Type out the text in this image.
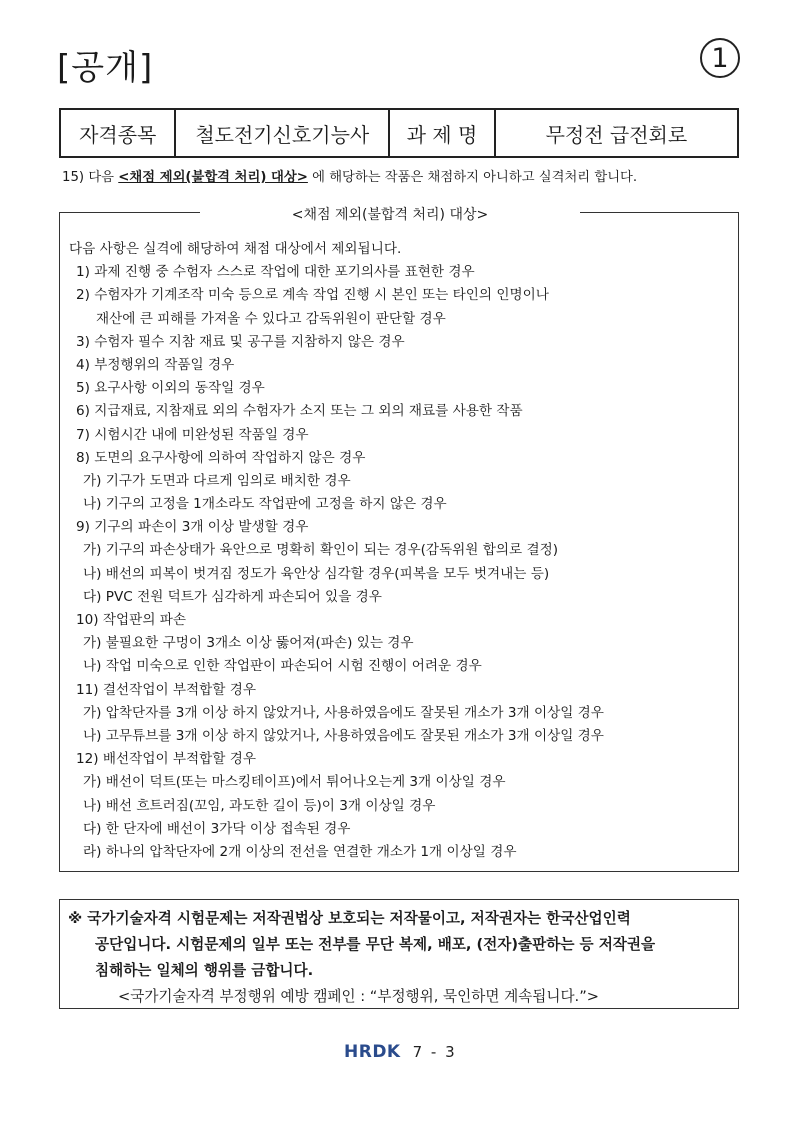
[공개]	1
자격종목	철도전기신호기능사	과 제 명	무정전 급전회로
15) 다음 <채점 제외(불합격 처리) 대상> 에 해당하는 작품은 채점하지 아니하고 실격처리 합니다.
<채점 제외(불합격 처리) 대상>
다음 사항은 실격에 해당하여 채점 대상에서 제외됩니다.
1) 과제 진행 중 수험자 스스로 작업에 대한 포기의사를 표현한 경우
2) 수험자가 기계조작 미숙 등으로 계속 작업 진행 시 본인 또는 타인의 인명이나
재산에 큰 피해를 가져올 수 있다고 감독위원이 판단할 경우
3) 수험자 필수 지참 재료 및 공구를 지참하지 않은 경우
4) 부정행위의 작품일 경우
5) 요구사항 이외의 동작일 경우
6) 지급재료, 지참재료 외의 수험자가 소지 또는 그 외의 재료를 사용한 작품
7) 시험시간 내에 미완성된 작품일 경우
8) 도면의 요구사항에 의하여 작업하지 않은 경우
가) 기구가 도면과 다르게 임의로 배치한 경우
나) 기구의 고정을 1개소라도 작업판에 고정을 하지 않은 경우
9) 기구의 파손이 3개 이상 발생할 경우
가) 기구의 파손상태가 육안으로 명확히 확인이 되는 경우(감독위원 합의로 결정)
나) 배선의 피복이 벗겨짐 정도가 육안상 심각할 경우(피복을 모두 벗겨내는 등)
다) PVC 전원 덕트가 심각하게 파손되어 있을 경우
10) 작업판의 파손
가) 불필요한 구멍이 3개소 이상 뚫어져(파손) 있는 경우
나) 작업 미숙으로 인한 작업판이 파손되어 시험 진행이 어려운 경우
11) 결선작업이 부적합할 경우
가) 압착단자를 3개 이상 하지 않았거나, 사용하였음에도 잘못된 개소가 3개 이상일 경우
나) 고무튜브를 3개 이상 하지 않았거나, 사용하였음에도 잘못된 개소가 3개 이상일 경우
12) 배선작업이 부적합할 경우
가) 배선이 덕트(또는 마스킹테이프)에서 튀어나오는게 3개 이상일 경우
나) 배선 흐트러짐(꼬임, 과도한 길이 등)이 3개 이상일 경우
다) 한 단자에 배선이 3가닥 이상 접속된 경우
라) 하나의 압착단자에 2개 이상의 전선을 연결한 개소가 1개 이상일 경우
※ 국가기술자격 시험문제는 저작권법상 보호되는 저작물이고, 저작권자는 한국산업인력
공단입니다. 시험문제의 일부 또는 전부를 무단 복제, 배포, (전자)출판하는 등 저작권을
침해하는 일체의 행위를 금합니다.
<국가기술자격 부정행위 예방 캠페인 : “부정행위, 묵인하면 계속됩니다.”>
HRDK 7 - 3
